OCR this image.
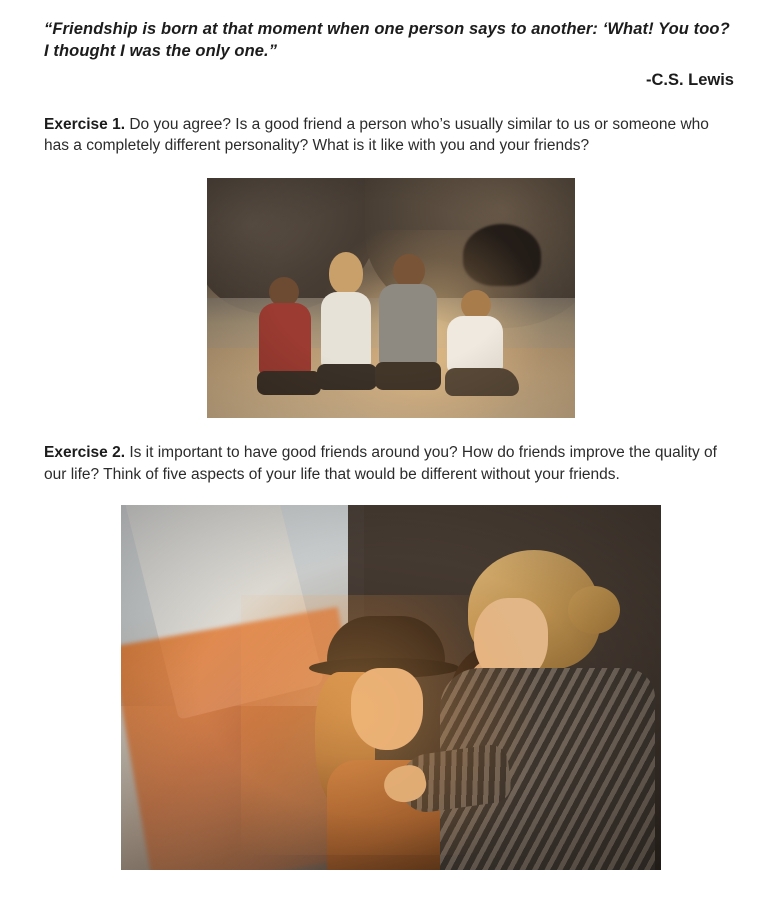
“Friendship is born at that moment when one person says to another: ‘What! You too? I thought I was the only one.”

-C.S. Lewis

Exercise 1. Do you agree? Is a good friend a person who’s usually similar to us or someone who has a completely different personality? What is it like with you and your friends?

Exercise 2. Is it important to have good friends around you? How do friends improve the quality of our life? Think of five aspects of your life that would be different without your friends.
